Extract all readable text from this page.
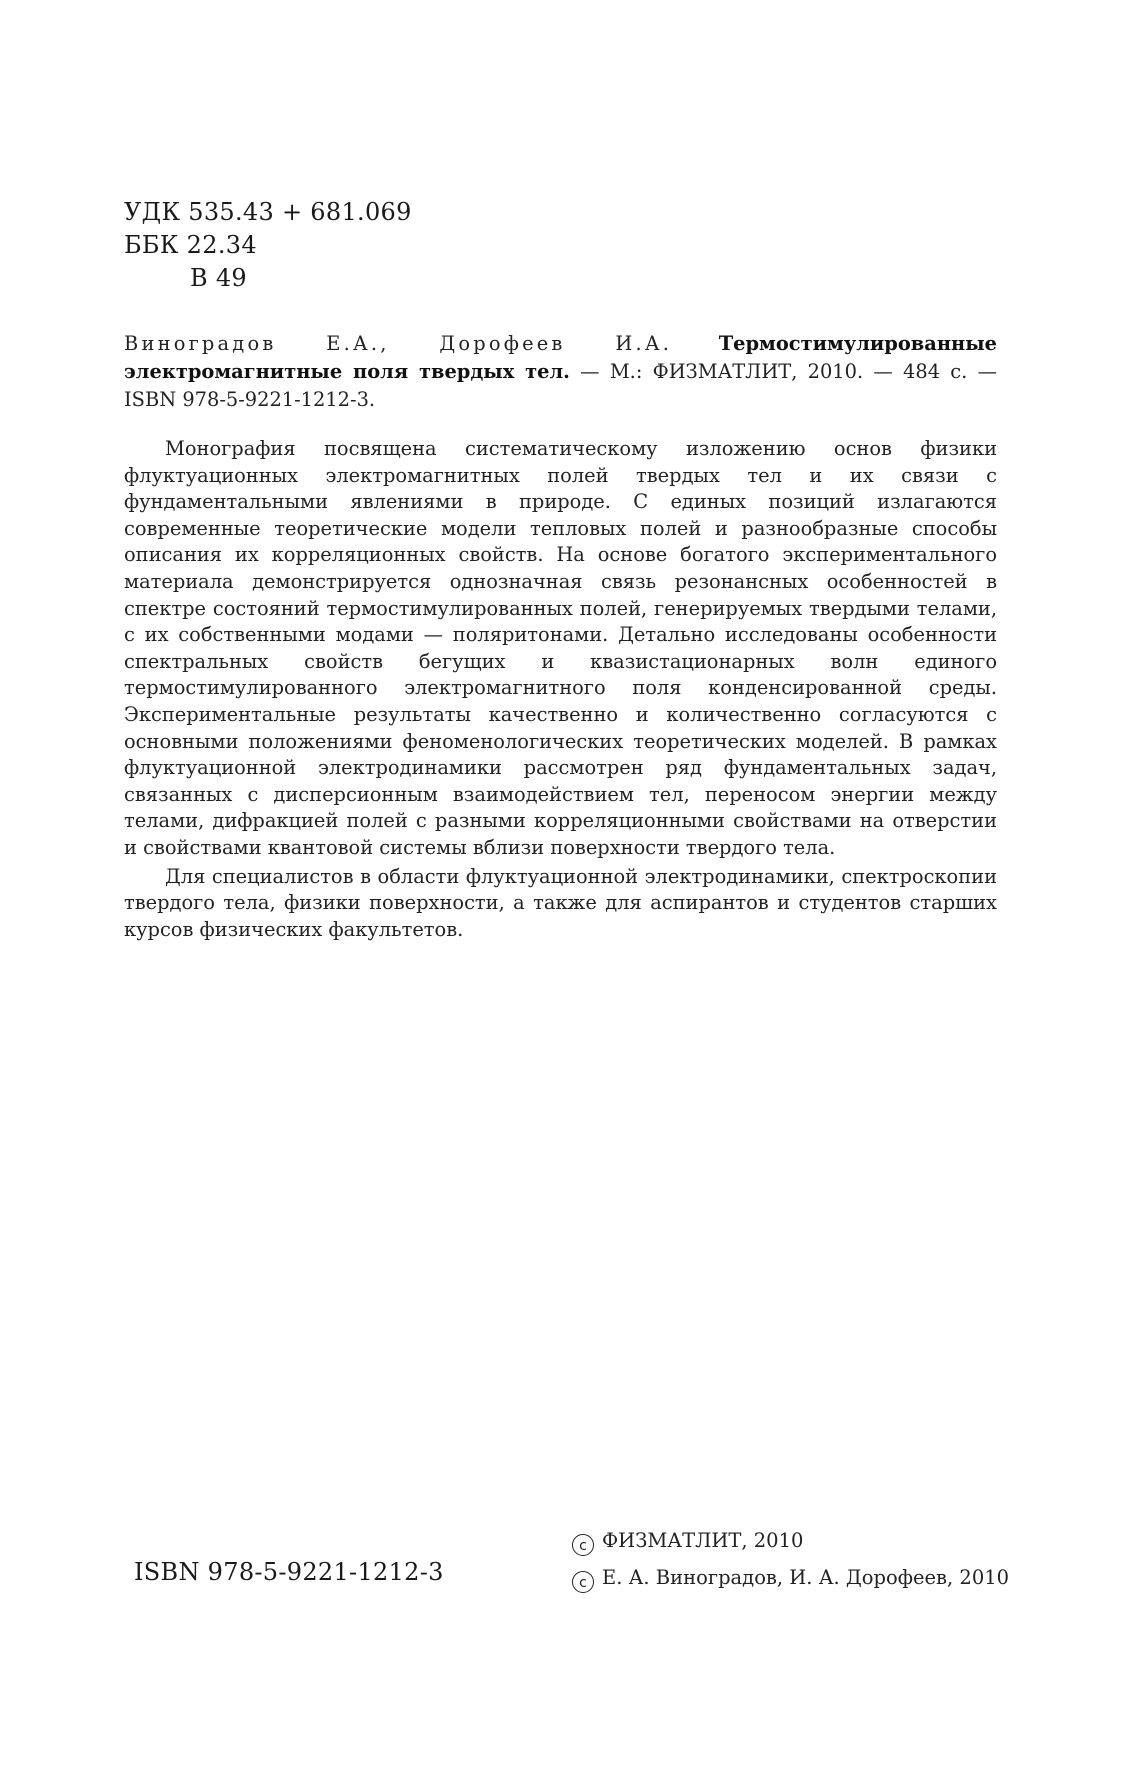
УДК 535.43 + 681.069
ББК 22.34
В 49
Виноградов Е.А., Дорофеев И.А. Термостимулированные электромагнитные поля твердых тел. — М.: ФИЗМАТЛИТ, 2010. — 484 с. — ISBN 978-5-9221-1212-3.

Монография посвящена систематическому изложению основ физики флуктуационных электромагнитных полей твердых тел и их связи с фундаментальными явлениями в природе. С единых позиций излагаются современные теоретические модели тепловых полей и разнообразные способы описания их корреляционных свойств. На основе богатого экспериментального материала демонстрируется однозначная связь резонансных особенностей в спектре состояний термостимулированных полей, генерируемых твердыми телами, с их собственными модами — поляритонами. Детально исследованы особенности спектральных свойств бегущих и квазистационарных волн единого термостимулированного электромагнитного поля конденсированной среды. Экспериментальные результаты качественно и количественно согласуются с основными положениями феноменологических теоретических моделей. В рамках флуктуационной электродинамики рассмотрен ряд фундаментальных задач, связанных с дисперсионным взаимодействием тел, переносом энергии между телами, дифракцией полей с разными корреляционными свойствами на отверстии и свойствами квантовой системы вблизи поверхности твердого тела.

Для специалистов в области флуктуационной электродинамики, спектроскопии твердого тела, физики поверхности, а также для аспирантов и студентов старших курсов физических факультетов.

ISBN 978-5-9221-1212-3
c ФИЗМАТЛИТ, 2010
c Е. А. Виноградов, И. А. Дорофеев, 2010
